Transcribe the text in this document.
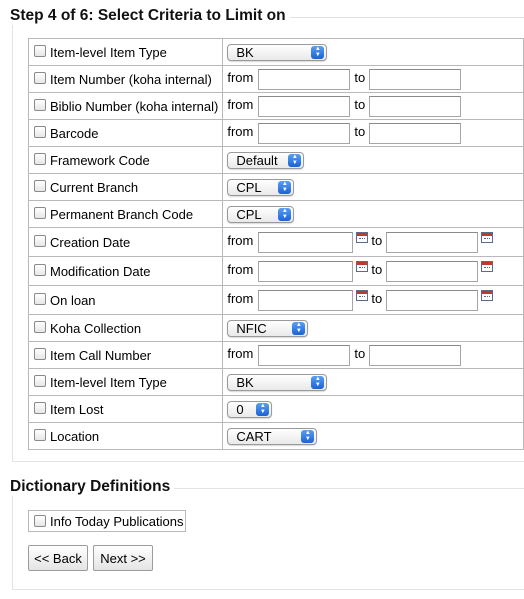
Step 4 of 6: Select Criteria to Limit on
Item-level Item Type	BK ▲
▼

Item Number (koha internal)	from to
Biblio Number (koha internal)	from to
Barcode	from to
Framework Code	Default ▲
▼

Current Branch	CPL ▲
▼

Permanent Branch Code	CPL ▲
▼

Creation Date	from to
Modification Date	from to
On loan	from to
Koha Collection	NFIC ▲
▼

Item Call Number	from to
Item-level Item Type	BK ▲
▼

Item Lost	0 ▲
▼

Location	CART ▲
▼
Dictionary Definitions
Info Today Publications
<< Back	Next >>
